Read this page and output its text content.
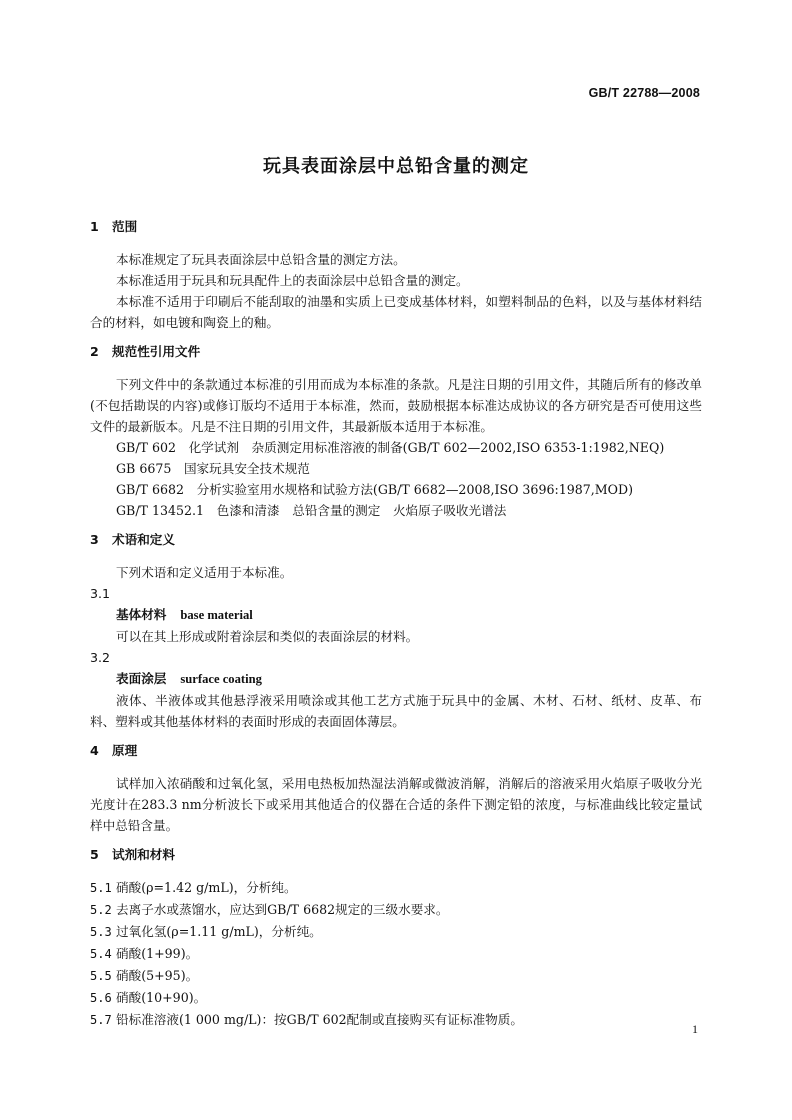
GB/T 22788—2008
玩具表面涂层中总铅含量的测定
1 范围

本标准规定了玩具表面涂层中总铅含量的测定方法。

本标准适用于玩具和玩具配件上的表面涂层中总铅含量的测定。

本标准不适用于印刷后不能刮取的油墨和实质上已变成基体材料，如塑料制品的色料，以及与基体材料结合的材料，如电镀和陶瓷上的釉。

2 规范性引用文件

下列文件中的条款通过本标准的引用而成为本标准的条款。凡是注日期的引用文件，其随后所有的修改单(不包括勘误的内容)或修订版均不适用于本标准，然而，鼓励根据本标准达成协议的各方研究是否可使用这些文件的最新版本。凡是不注日期的引用文件，其最新版本适用于本标准。

GB/T 602　化学试剂　杂质测定用标准溶液的制备(GB/T 602—2002,ISO 6353-1:1982,NEQ)

GB 6675　国家玩具安全技术规范

GB/T 6682　分析实验室用水规格和试验方法(GB/T 6682—2008,ISO 3696:1987,MOD)

GB/T 13452.1　色漆和清漆　总铅含量的测定　火焰原子吸收光谱法

3 术语和定义

下列术语和定义适用于本标准。

3.1

基体材料 base material

可以在其上形成或附着涂层和类似的表面涂层的材料。

3.2

表面涂层 surface coating

液体、半液体或其他悬浮液采用喷涂或其他工艺方式施于玩具中的金属、木材、石材、纸材、皮革、布料、塑料或其他基体材料的表面时形成的表面固体薄层。

4 原理

试样加入浓硝酸和过氧化氢，采用电热板加热湿法消解或微波消解，消解后的溶液采用火焰原子吸收分光光度计在283.3 nm分析波长下或采用其他适合的仪器在合适的条件下测定铅的浓度，与标准曲线比较定量试样中总铅含量。

5 试剂和材料

5.1 硝酸(ρ=1.42 g/mL)，分析纯。

5.2 去离子水或蒸馏水，应达到GB/T 6682规定的三级水要求。

5.3 过氧化氢(ρ=1.11 g/mL)，分析纯。

5.4 硝酸(1+99)。

5.5 硝酸(5+95)。

5.6 硝酸(10+90)。

5.7 铅标准溶液(1 000 mg/L)：按GB/T 602配制或直接购买有证标准物质。

1
